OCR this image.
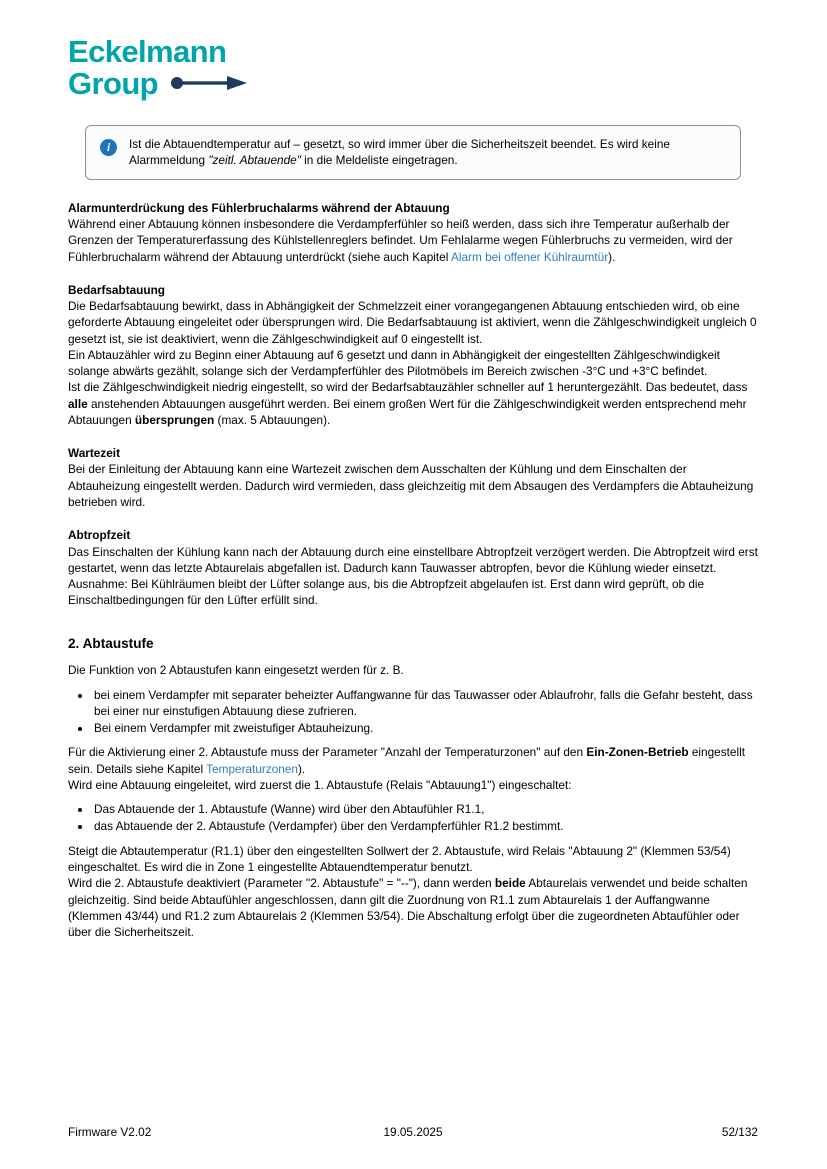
Eckelmann
Group
i	Ist die Abtauendtemperatur auf – gesetzt, so wird immer über die Sicherheitszeit beendet. Es wird keine Alarmmeldung "zeitl. Abtauende" in die Meldeliste eingetragen.
Alarmunterdrückung des Fühlerbruchalarms während der Abtauung

Während einer Abtauung können insbesondere die Verdampferfühler so heiß werden, dass sich ihre Temperatur außerhalb der Grenzen der Temperaturerfassung des Kühlstellenreglers befindet. Um Fehlalarme wegen Fühlerbruchs zu vermeiden, wird der Fühlerbruchalarm während der Abtauung unterdrückt (siehe auch Kapitel Alarm bei offener Kühlraumtür).

Bedarfsabtauung

Die Bedarfsabtauung bewirkt, dass in Abhängigkeit der Schmelzzeit einer vorangegangenen Abtauung entschieden wird, ob eine geforderte Abtauung eingeleitet oder übersprungen wird. Die Bedarfsabtauung ist aktiviert, wenn die Zählgeschwindigkeit ungleich 0 gesetzt ist, sie ist deaktiviert, wenn die Zählgeschwindigkeit auf 0 eingestellt ist.

Ein Abtauzähler wird zu Beginn einer Abtauung auf 6 gesetzt und dann in Abhängigkeit der eingestellten Zählgeschwindigkeit solange abwärts gezählt, solange sich der Verdampferfühler des Pilotmöbels im Bereich zwischen -3°C und +3°C befindet.

Ist die Zählgeschwindigkeit niedrig eingestellt, so wird der Bedarfsabtauzähler schneller auf 1 heruntergezählt. Das bedeutet, dass alle anstehenden Abtauungen ausgeführt werden. Bei einem großen Wert für die Zählgeschwindigkeit werden entsprechend mehr Abtauungen übersprungen (max. 5 Abtauungen).

Wartezeit

Bei der Einleitung der Abtauung kann eine Wartezeit zwischen dem Ausschalten der Kühlung und dem Einschalten der Abtauheizung eingestellt werden. Dadurch wird vermieden, dass gleichzeitig mit dem Absaugen des Verdampfers die Abtauheizung betrieben wird.

Abtropfzeit

Das Einschalten der Kühlung kann nach der Abtauung durch eine einstellbare Abtropfzeit verzögert werden. Die Abtropfzeit wird erst gestartet, wenn das letzte Abtaurelais abgefallen ist. Dadurch kann Tauwasser abtropfen, bevor die Kühlung wieder einsetzt.

Ausnahme: Bei Kühlräumen bleibt der Lüfter solange aus, bis die Abtropfzeit abgelaufen ist. Erst dann wird geprüft, ob die Einschaltbedingungen für den Lüfter erfüllt sind.

2. Abtaustufe

Die Funktion von 2 Abtaustufen kann eingesetzt werden für z. B.

• bei einem Verdampfer mit separater beheizter Auffangwanne für das Tauwasser oder Ablaufrohr, falls die Gefahr besteht, dass bei einer nur einstufigen Abtauung diese zufrieren.
• Bei einem Verdampfer mit zweistufiger Abtauheizung.

Für die Aktivierung einer 2. Abtaustufe muss der Parameter "Anzahl der Temperaturzonen" auf den Ein-Zonen-Betrieb eingestellt sein. Details siehe Kapitel Temperaturzonen).

Wird eine Abtauung eingeleitet, wird zuerst die 1. Abtaustufe (Relais "Abtauung1") eingeschaltet:

• Das Abtauende der 1. Abtaustufe (Wanne) wird über den Abtaufühler R1.1,
• das Abtauende der 2. Abtaustufe (Verdampfer) über den Verdampferfühler R1.2 bestimmt.

Steigt die Abtautemperatur (R1.1) über den eingestellten Sollwert der 2. Abtaustufe, wird Relais "Abtauung 2" (Klemmen 53/54) eingeschaltet. Es wird die in Zone 1 eingestellte Abtauendtemperatur benutzt.

Wird die 2. Abtaustufe deaktiviert (Parameter "2. Abtaustufe" = "--"), dann werden beide Abtaurelais verwendet und beide schalten gleichzeitig. Sind beide Abtaufühler angeschlossen, dann gilt die Zuordnung von R1.1 zum Abtaurelais 1 der Auffangwanne (Klemmen 43/44) und R1.2 zum Abtaurelais 2 (Klemmen 53/54). Die Abschaltung erfolgt über die zugeordneten Abtaufühler oder über die Sicherheitszeit.

Firmware V2.02	19.05.2025	52/132
